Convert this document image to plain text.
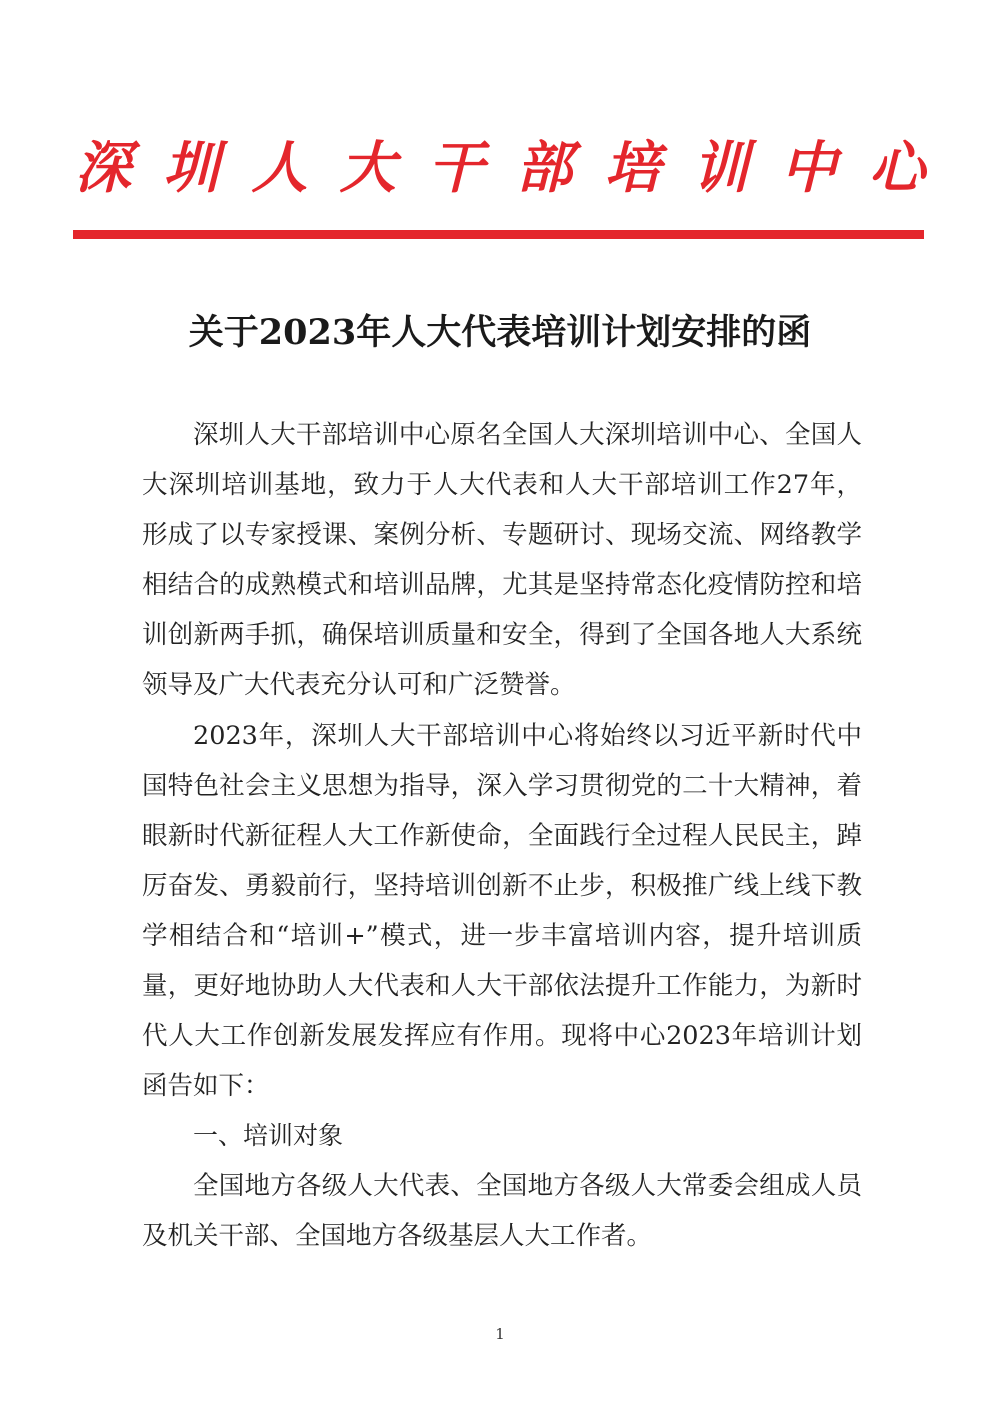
深 圳 人 大 干 部 培 训 中 心
关于2023年人大代表培训计划安排的函

深圳人大干部培训中心原名全国人大深圳培训中心、全国人大深圳培训基地，致力于人大代表和人大干部培训工作27年，形成了以专家授课、案例分析、专题研讨、现场交流、网络教学相结合的成熟模式和培训品牌，尤其是坚持常态化疫情防控和培训创新两手抓，确保培训质量和安全，得到了全国各地人大系统领导及广大代表充分认可和广泛赞誉。

2023年，深圳人大干部培训中心将始终以习近平新时代中国特色社会主义思想为指导，深入学习贯彻党的二十大精神，着眼新时代新征程人大工作新使命，全面践行全过程人民民主，踔厉奋发、勇毅前行，坚持培训创新不止步，积极推广线上线下教学相结合和“培训+”模式，进一步丰富培训内容，提升培训质量，更好地协助人大代表和人大干部依法提升工作能力，为新时代人大工作创新发展发挥应有作用。现将中心2023年培训计划函告如下：

一、培训对象

全国地方各级人大代表、全国地方各级人大常委会组成人员及机关干部、全国地方各级基层人大工作者。

1
